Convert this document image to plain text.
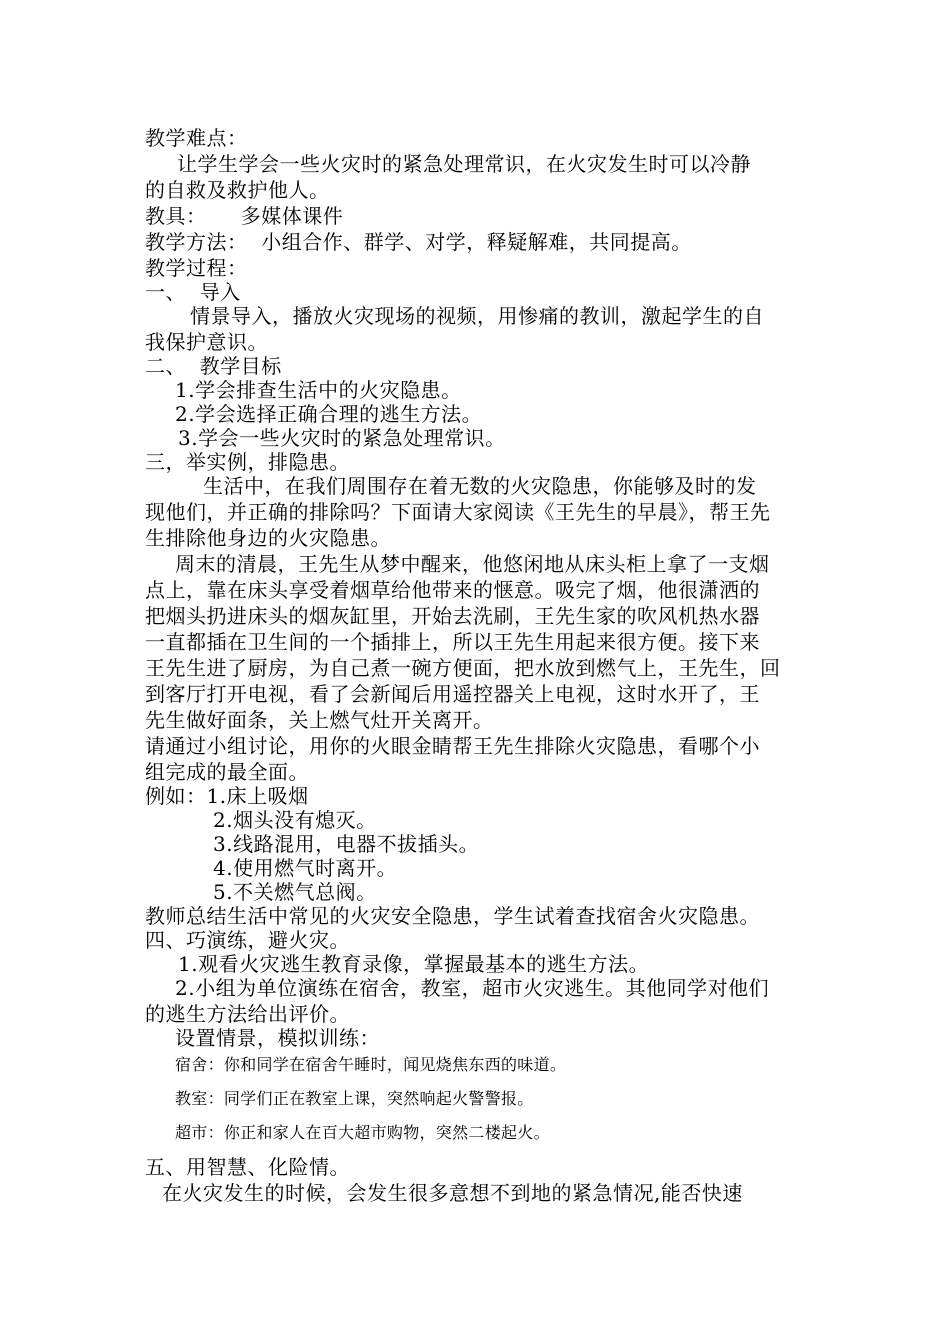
教学难点：
让学生学会一些火灾时的紧急处理常识，在火灾发生时可以冷静
的自救及救护他人。
教具：     多媒体课件
教学方法：  小组合作、群学、对学，释疑解难，共同提高。
教学过程：
一、  导入
情景导入，播放火灾现场的视频，用惨痛的教训，激起学生的自
我保护意识。
二、  教学目标
1.学会排查生活中的火灾隐患。
2.学会选择正确合理的逃生方法。
3.学会一些火灾时的紧急处理常识。
三，举实例，排隐患。
生活中，在我们周围存在着无数的火灾隐患，你能够及时的发
现他们，并正确的排除吗？下面请大家阅读《王先生的早晨》，帮王先
生排除他身边的火灾隐患。
周末的清晨，王先生从梦中醒来，他悠闲地从床头柜上拿了一支烟
点上，靠在床头享受着烟草给他带来的惬意。吸完了烟，他很潇洒的
把烟头扔进床头的烟灰缸里，开始去洗刷，王先生家的吹风机热水器
一直都插在卫生间的一个插排上，所以王先生用起来很方便。接下来
王先生进了厨房，为自己煮一碗方便面，把水放到燃气上，王先生，回
到客厅打开电视，看了会新闻后用遥控器关上电视，这时水开了，王
先生做好面条，关上燃气灶开关离开。
请通过小组讨论，用你的火眼金睛帮王先生排除火灾隐患，看哪个小
组完成的最全面。
例如：1.床上吸烟
2.烟头没有熄灭。
3.线路混用，电器不拔插头。
4.使用燃气时离开。
5.不关燃气总阀。
教师总结生活中常见的火灾安全隐患，学生试着查找宿舍火灾隐患。
四、巧演练，避火灾。
1.观看火灾逃生教育录像，掌握最基本的逃生方法。
2.小组为单位演练在宿舍，教室，超市火灾逃生。其他同学对他们
的逃生方法给出评价。
设置情景，模拟训练：
宿舍：你和同学在宿舍午睡时，闻见烧焦东西的味道。
教室：同学们正在教室上课，突然响起火警警报。
超市：你正和家人在百大超市购物，突然二楼起火。
五、用智慧、化险情。
在火灾发生的时候，会发生很多意想不到地的紧急情况,能否快速
